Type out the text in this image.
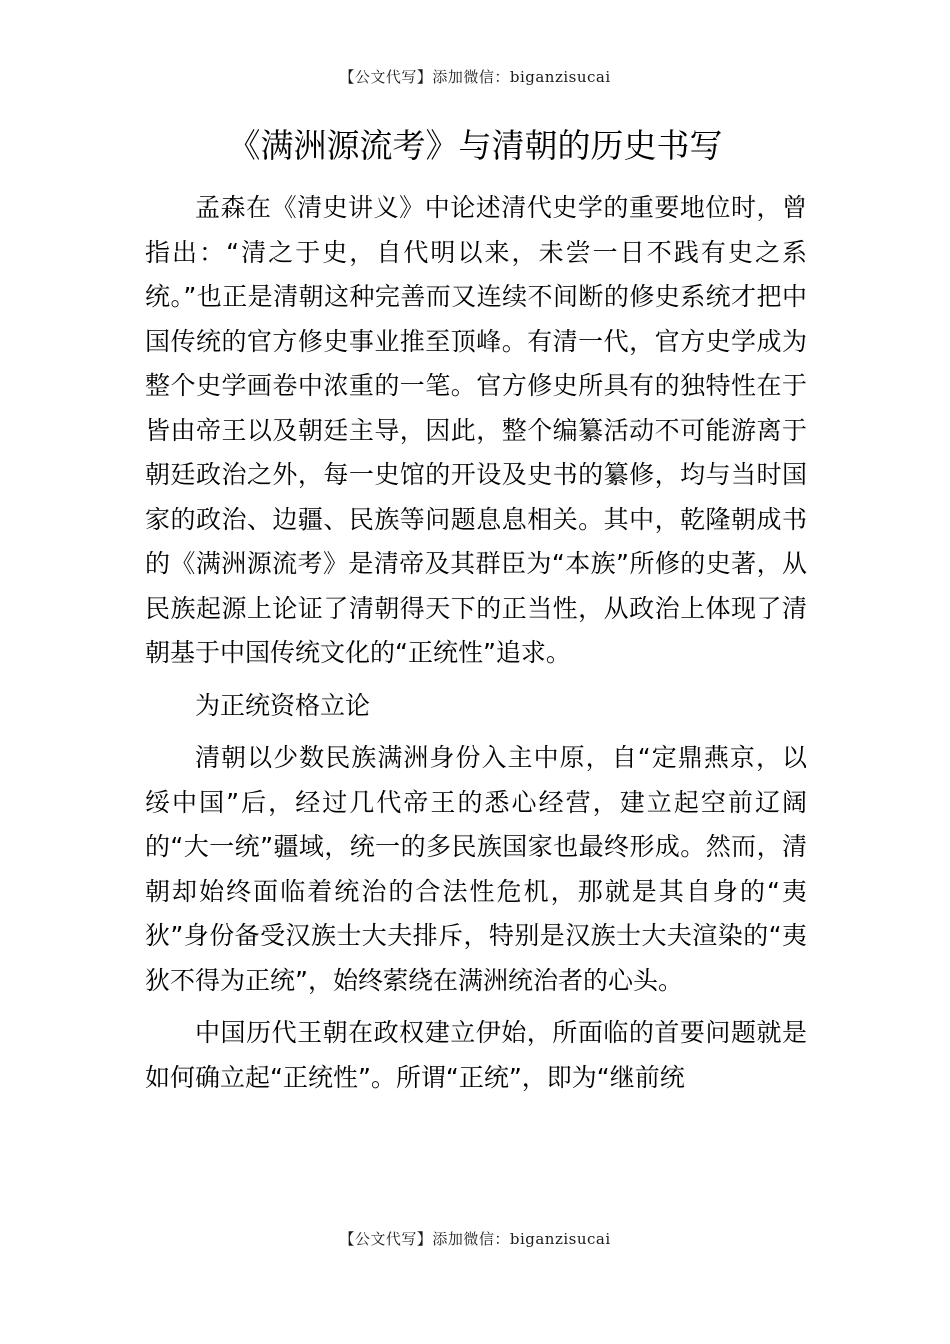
【公文代写】添加微信：biganzisucai
《满洲源流考》与清朝的历史书写

孟森在《清史讲义》中论述清代史学的重要地位时，曾指出：“清之于史，自代明以来，未尝一日不践有史之系统。”也正是清朝这种完善而又连续不间断的修史系统才把中国传统的官方修史事业推至顶峰。有清一代，官方史学成为整个史学画卷中浓重的一笔。官方修史所具有的独特性在于皆由帝王以及朝廷主导，因此，整个编纂活动不可能游离于朝廷政治之外，每一史馆的开设及史书的纂修，均与当时国家的政治、边疆、民族等问题息息相关。其中，乾隆朝成书的《满洲源流考》是清帝及其群臣为“本族”所修的史著，从民族起源上论证了清朝得天下的正当性，从政治上体现了清朝基于中国传统文化的“正统性”追求。

为正统资格立论

清朝以少数民族满洲身份入主中原，自“定鼎燕京，以绥中国”后，经过几代帝王的悉心经营，建立起空前辽阔的“大一统”疆域，统一的多民族国家也最终形成。然而，清朝却始终面临着统治的合法性危机，那就是其自身的“夷狄”身份备受汉族士大夫排斥，特别是汉族士大夫渲染的“夷狄不得为正统”，始终萦绕在满洲统治者的心头。

中国历代王朝在政权建立伊始，所面临的首要问题就是如何确立起“正统性”。所谓“正统”，即为“继前统

【公文代写】添加微信：biganzisucai
